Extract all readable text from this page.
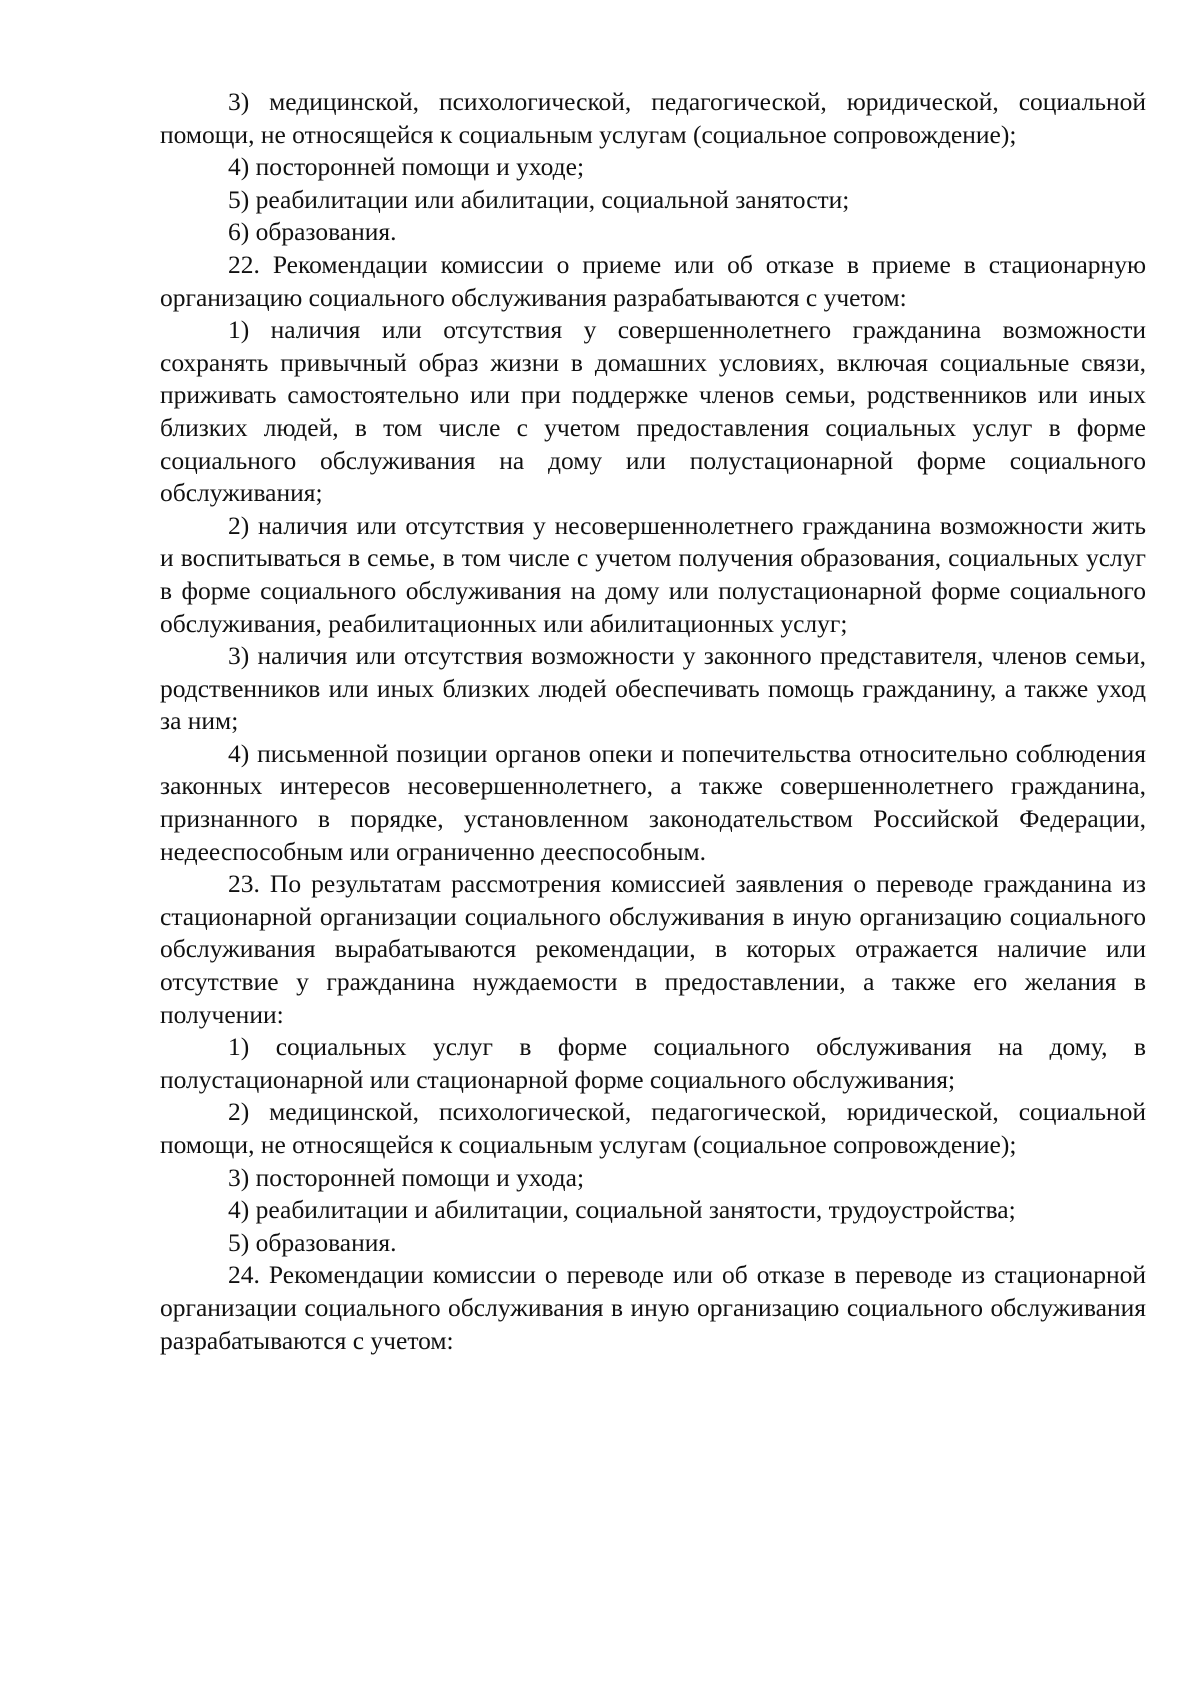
3) медицинской, психологической, педагогической, юридической, социальной помощи, не относящейся к социальным услугам (социальное сопровождение);

4) посторонней помощи и уходе;

5) реабилитации или абилитации, социальной занятости;

6) образования.

22. Рекомендации комиссии о приеме или об отказе в приеме в стационарную организацию социального обслуживания разрабатываются с учетом:

1) наличия или отсутствия у совершеннолетнего гражданина возможности сохранять привычный образ жизни в домашних условиях, включая социальные связи, приживать самостоятельно или при поддержке членов семьи, родственников или иных близких людей, в том числе с учетом предоставления социальных услуг в форме социального обслуживания на дому или полустационарной форме социального обслуживания;

2) наличия или отсутствия у несовершеннолетнего гражданина возможности жить и воспитываться в семье, в том числе с учетом получения образования, социальных услуг в форме социального обслуживания на дому или полустационарной форме социального обслуживания, реабилитационных или абилитационных услуг;

3) наличия или отсутствия возможности у законного представителя, членов семьи, родственников или иных близких людей обеспечивать помощь гражданину, а также уход за ним;

4) письменной позиции органов опеки и попечительства относительно соблюдения законных интересов несовершеннолетнего, а также совершеннолетнего гражданина, признанного в порядке, установленном законодательством Российской Федерации, недееспособным или ограниченно дееспособным.

23. По результатам рассмотрения комиссией заявления о переводе гражданина из стационарной организации социального обслуживания в иную организацию социального обслуживания вырабатываются рекомендации, в которых отражается наличие или отсутствие у гражданина нуждаемости в предоставлении, а также его желания в получении:

1) социальных услуг в форме социального обслуживания на дому, в полустационарной или стационарной форме социального обслуживания;

2) медицинской, психологической, педагогической, юридической, социальной помощи, не относящейся к социальным услугам (социальное сопровождение);

3) посторонней помощи и ухода;

4) реабилитации и абилитации, социальной занятости, трудоустройства;

5) образования.

24. Рекомендации комиссии о переводе или об отказе в переводе из стационарной организации социального обслуживания в иную организацию социального обслуживания разрабатываются с учетом:
